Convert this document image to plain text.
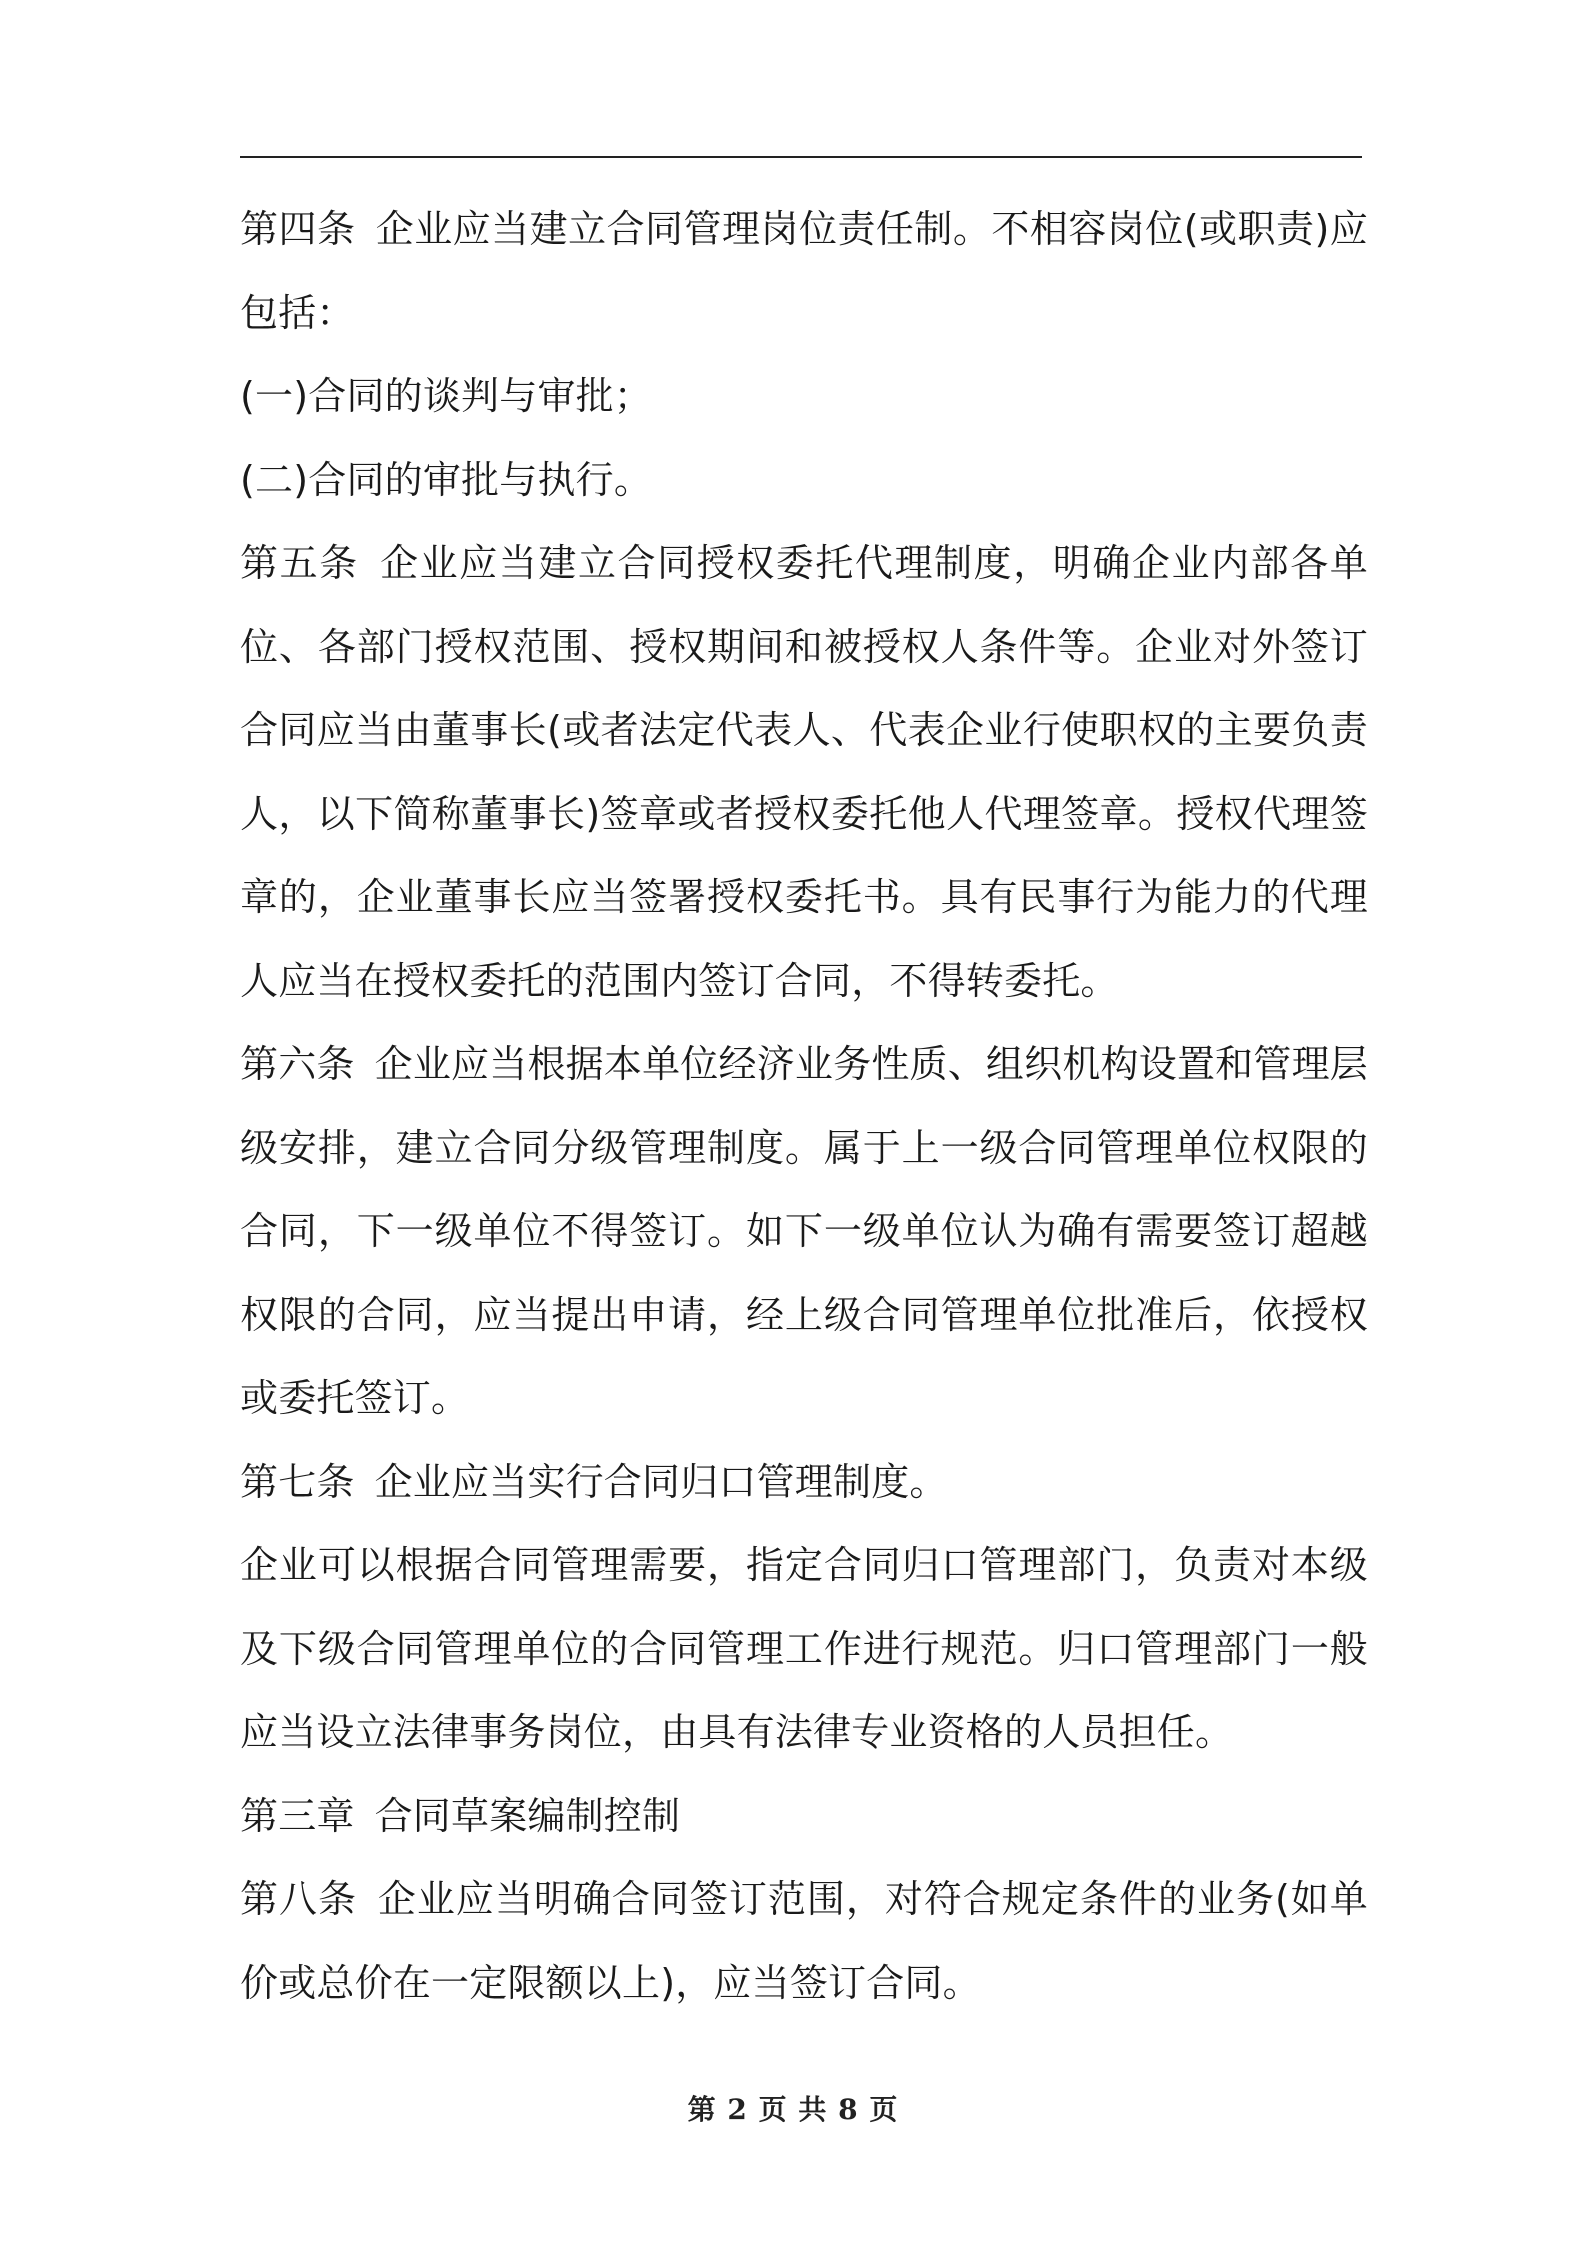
第四条 企业应当建立合同管理岗位责任制。不相容岗位(或职责)应包括：

(一)合同的谈判与审批；

(二)合同的审批与执行。

第五条 企业应当建立合同授权委托代理制度，明确企业内部各单位、各部门授权范围、授权期间和被授权人条件等。企业对外签订合同应当由董事长(或者法定代表人、代表企业行使职权的主要负责人，以下简称董事长)签章或者授权委托他人代理签章。授权代理签章的，企业董事长应当签署授权委托书。具有民事行为能力的代理人应当在授权委托的范围内签订合同，不得转委托。

第六条 企业应当根据本单位经济业务性质、组织机构设置和管理层级安排，建立合同分级管理制度。属于上一级合同管理单位权限的合同，下一级单位不得签订。如下一级单位认为确有需要签订超越权限的合同，应当提出申请，经上级合同管理单位批准后，依授权或委托签订。

第七条 企业应当实行合同归口管理制度。

企业可以根据合同管理需要，指定合同归口管理部门，负责对本级及下级合同管理单位的合同管理工作进行规范。归口管理部门一般应当设立法律事务岗位，由具有法律专业资格的人员担任。

第三章 合同草案编制控制

第八条 企业应当明确合同签订范围，对符合规定条件的业务(如单价或总价在一定限额以上)，应当签订合同。

第 2 页 共 8 页
